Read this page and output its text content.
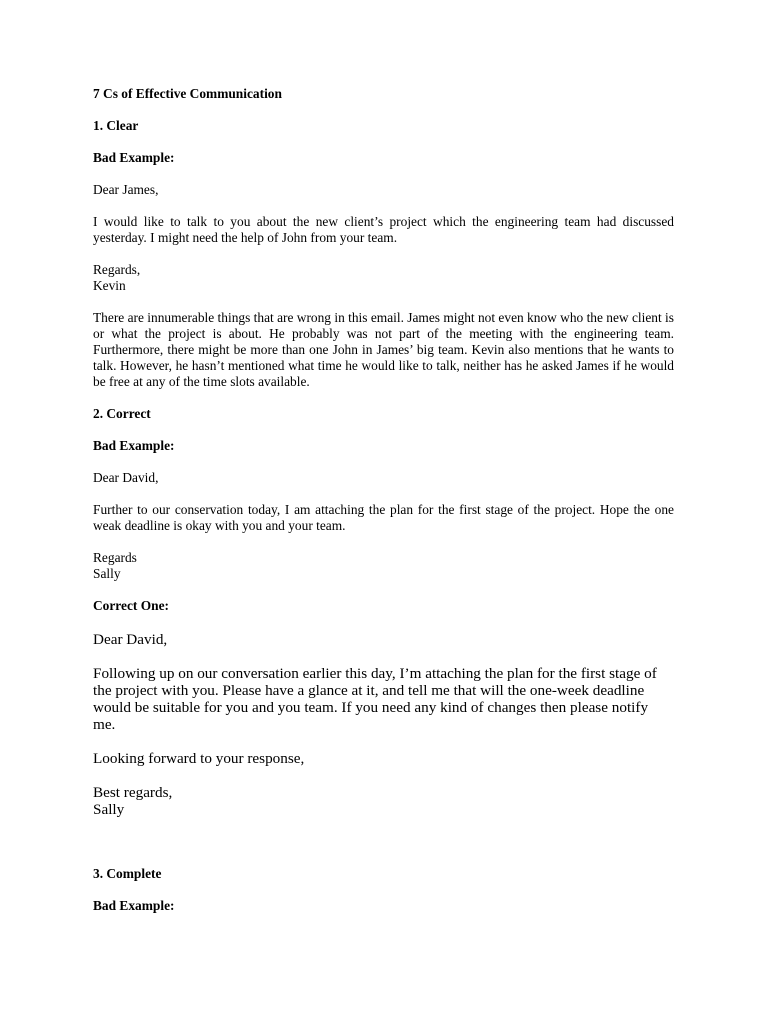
7 Cs of Effective Communication

1. Clear

Bad Example:

Dear James,

I would like to talk to you about the new client’s project which the engineering team had discussed yesterday. I might need the help of John from your team.

Regards,

Kevin

There are innumerable things that are wrong in this email. James might not even know who the new client is or what the project is about. He probably was not part of the meeting with the engineering team. Furthermore, there might be more than one John in James’ big team. Kevin also mentions that he wants to talk. However, he hasn’t mentioned what time he would like to talk, neither has he asked James if he would be free at any of the time slots available.

2. Correct

Bad Example:

Dear David,

Further to our conservation today, I am attaching the plan for the first stage of the project. Hope the one weak deadline is okay with you and your team.

Regards

Sally

Correct One:

Dear David,

Following up on our conversation earlier this day, I’m attaching the plan for the first stage of the project with you. Please have a glance at it, and tell me that will the one-week deadline would be suitable for you and you team. If you need any kind of changes then please notify me.

Looking forward to your response,

Best regards,

Sally

3. Complete

Bad Example:
